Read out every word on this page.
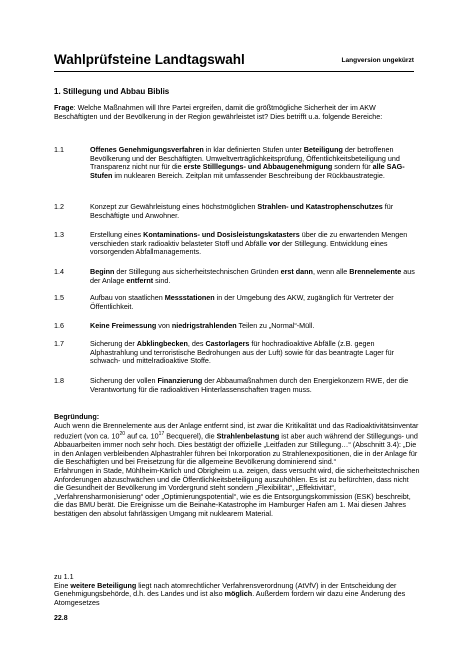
Wahlprüfsteine Landtagswahl	Langversion ungekürzt
1. Stillegung und Abbau Biblis
Frage: Welche Maßnahmen will Ihre Partei ergreifen, damit die größtmögliche Sicherheit der im AKW Beschäftigten und der Bevölkerung in der Region gewährleistet ist? Dies betrifft u.a. folgende Bereiche:
1.1	Offenes Genehmigungsverfahren in klar definierten Stufen unter Beteiligung der betroffenen Bevölkerung und der Beschäftigten. Umweltverträglichkeitsprüfung, Öffentlichkeitsbeteiligung und Transparenz nicht nur für die erste Stilllegungs- und Abbaugenehmigung sondern für alle SAG-Stufen im nuklearen Bereich. Zeitplan mit umfassender Beschreibung der Rückbaustrategie.
1.2	Konzept zur Gewährleistung eines höchstmöglichen Strahlen- und Katastrophenschutzes für Beschäftigte und Anwohner.
1.3	Erstellung eines Kontaminations- und Dosisleistungskatasters über die zu erwartenden Mengen verschieden stark radioaktiv belasteter Stoff und Abfälle vor der Stillegung. Entwicklung eines vorsorgenden Abfallmanagements.
1.4	Beginn der Stillegung aus sicherheitstechnischen Gründen erst dann, wenn alle Brennelemente aus der Anlage entfernt sind.
1.5	Aufbau von staatlichen Messstationen in der Umgebung des AKW, zugänglich für Vertreter der Öffentlichkeit.
1.6	Keine Freimessung von niedrigstrahlenden Teilen zu „Normal“-Müll.
1.7	Sicherung der Abklingbecken, des Castorlagers für hochradioaktive Abfälle (z.B. gegen Alphastrahlung und terroristische Bedrohungen aus der Luft) sowie für das beantragte Lager für schwach- und mittelradioaktive Stoffe.
1.8	Sicherung der vollen Finanzierung der Abbaumaßnahmen durch den Energiekonzern RWE, der die Verantwortung für die radioaktiven Hinterlassenschaften tragen muss.
Begründung:
Auch wenn die Brennelemente aus der Anlage entfernt sind, ist zwar die Kritikalität und das Radioaktivitätsinventar reduziert (von ca. $10^{20}$ auf ca. $10^{17}$ Becquerel), die Strahlenbelastung ist aber auch während der Stillegungs- und Abbauarbeiten immer noch sehr hoch. Dies bestätigt der offizielle „Leitfaden zur Stillegung…“ (Abschnitt 3.4): „Die in den Anlagen verbleibenden Alphastrahler führen bei Inkorporation zu Strahlenexpositionen, die in der Anlage für die Beschäftigten und bei Freisetzung für die allgemeine Bevölkerung dominierend sind.“
Erfahrungen in Stade, Mühlheim-Kärlich und Obrigheim u.a. zeigen, dass versucht wird, die sicherheitstechnischen Anforderungen abzuschwächen und die Öffentlichkeitsbeteiligung auszuhöhlen. Es ist zu befürchten, dass nicht die Gesundheit der Bevölkerung im Vordergrund steht sondern „Flexibilität“, „Effektivität“, „Verfahrensharmonisierung“ oder „Optimierungspotential“, wie es die Entsorgungskommission (ESK) beschreibt, die das BMU berät. Die Ereignisse um die Beinahe-Katastrophe im Hamburger Hafen am 1. Mai diesen Jahres bestätigen den absolut fahrlässigen Umgang mit nuklearem Material.
zu 1.1
Eine weitere Beteiligung liegt nach atomrechtlicher Verfahrensverordnung (AtVfV) in der Entscheidung der Genehmigungsbehörde, d.h. des Landes und ist also möglich. Außerdem fordern wir dazu eine Änderung des Atomgesetzes
22.8
